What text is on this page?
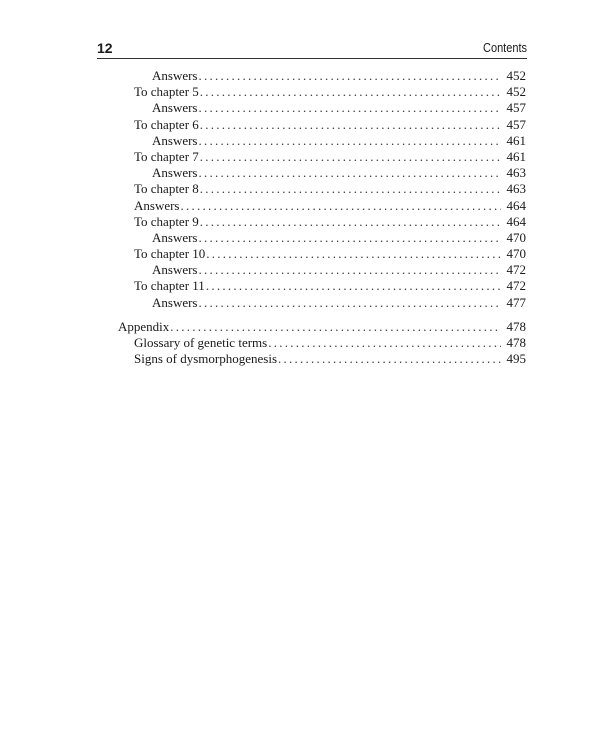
12	Contents
Answers . . .	452
To chapter 5 . . .	452
Answers . . .	457
To chapter 6 . . .	457
Answers . . .	461
To chapter 7 . . .	461
Answers . . .	463
To chapter 8 . . .	463
Answers . . .	464
To chapter 9 . . .	464
Answers . . .	470
To chapter 10 . . .	470
Answers . . .	472
To chapter 11 . . .	472
Answers . . .	477
Appendix . . .	478
Glossary of genetic terms . . .	478
Signs of dysmorphogenesis . . .	495
